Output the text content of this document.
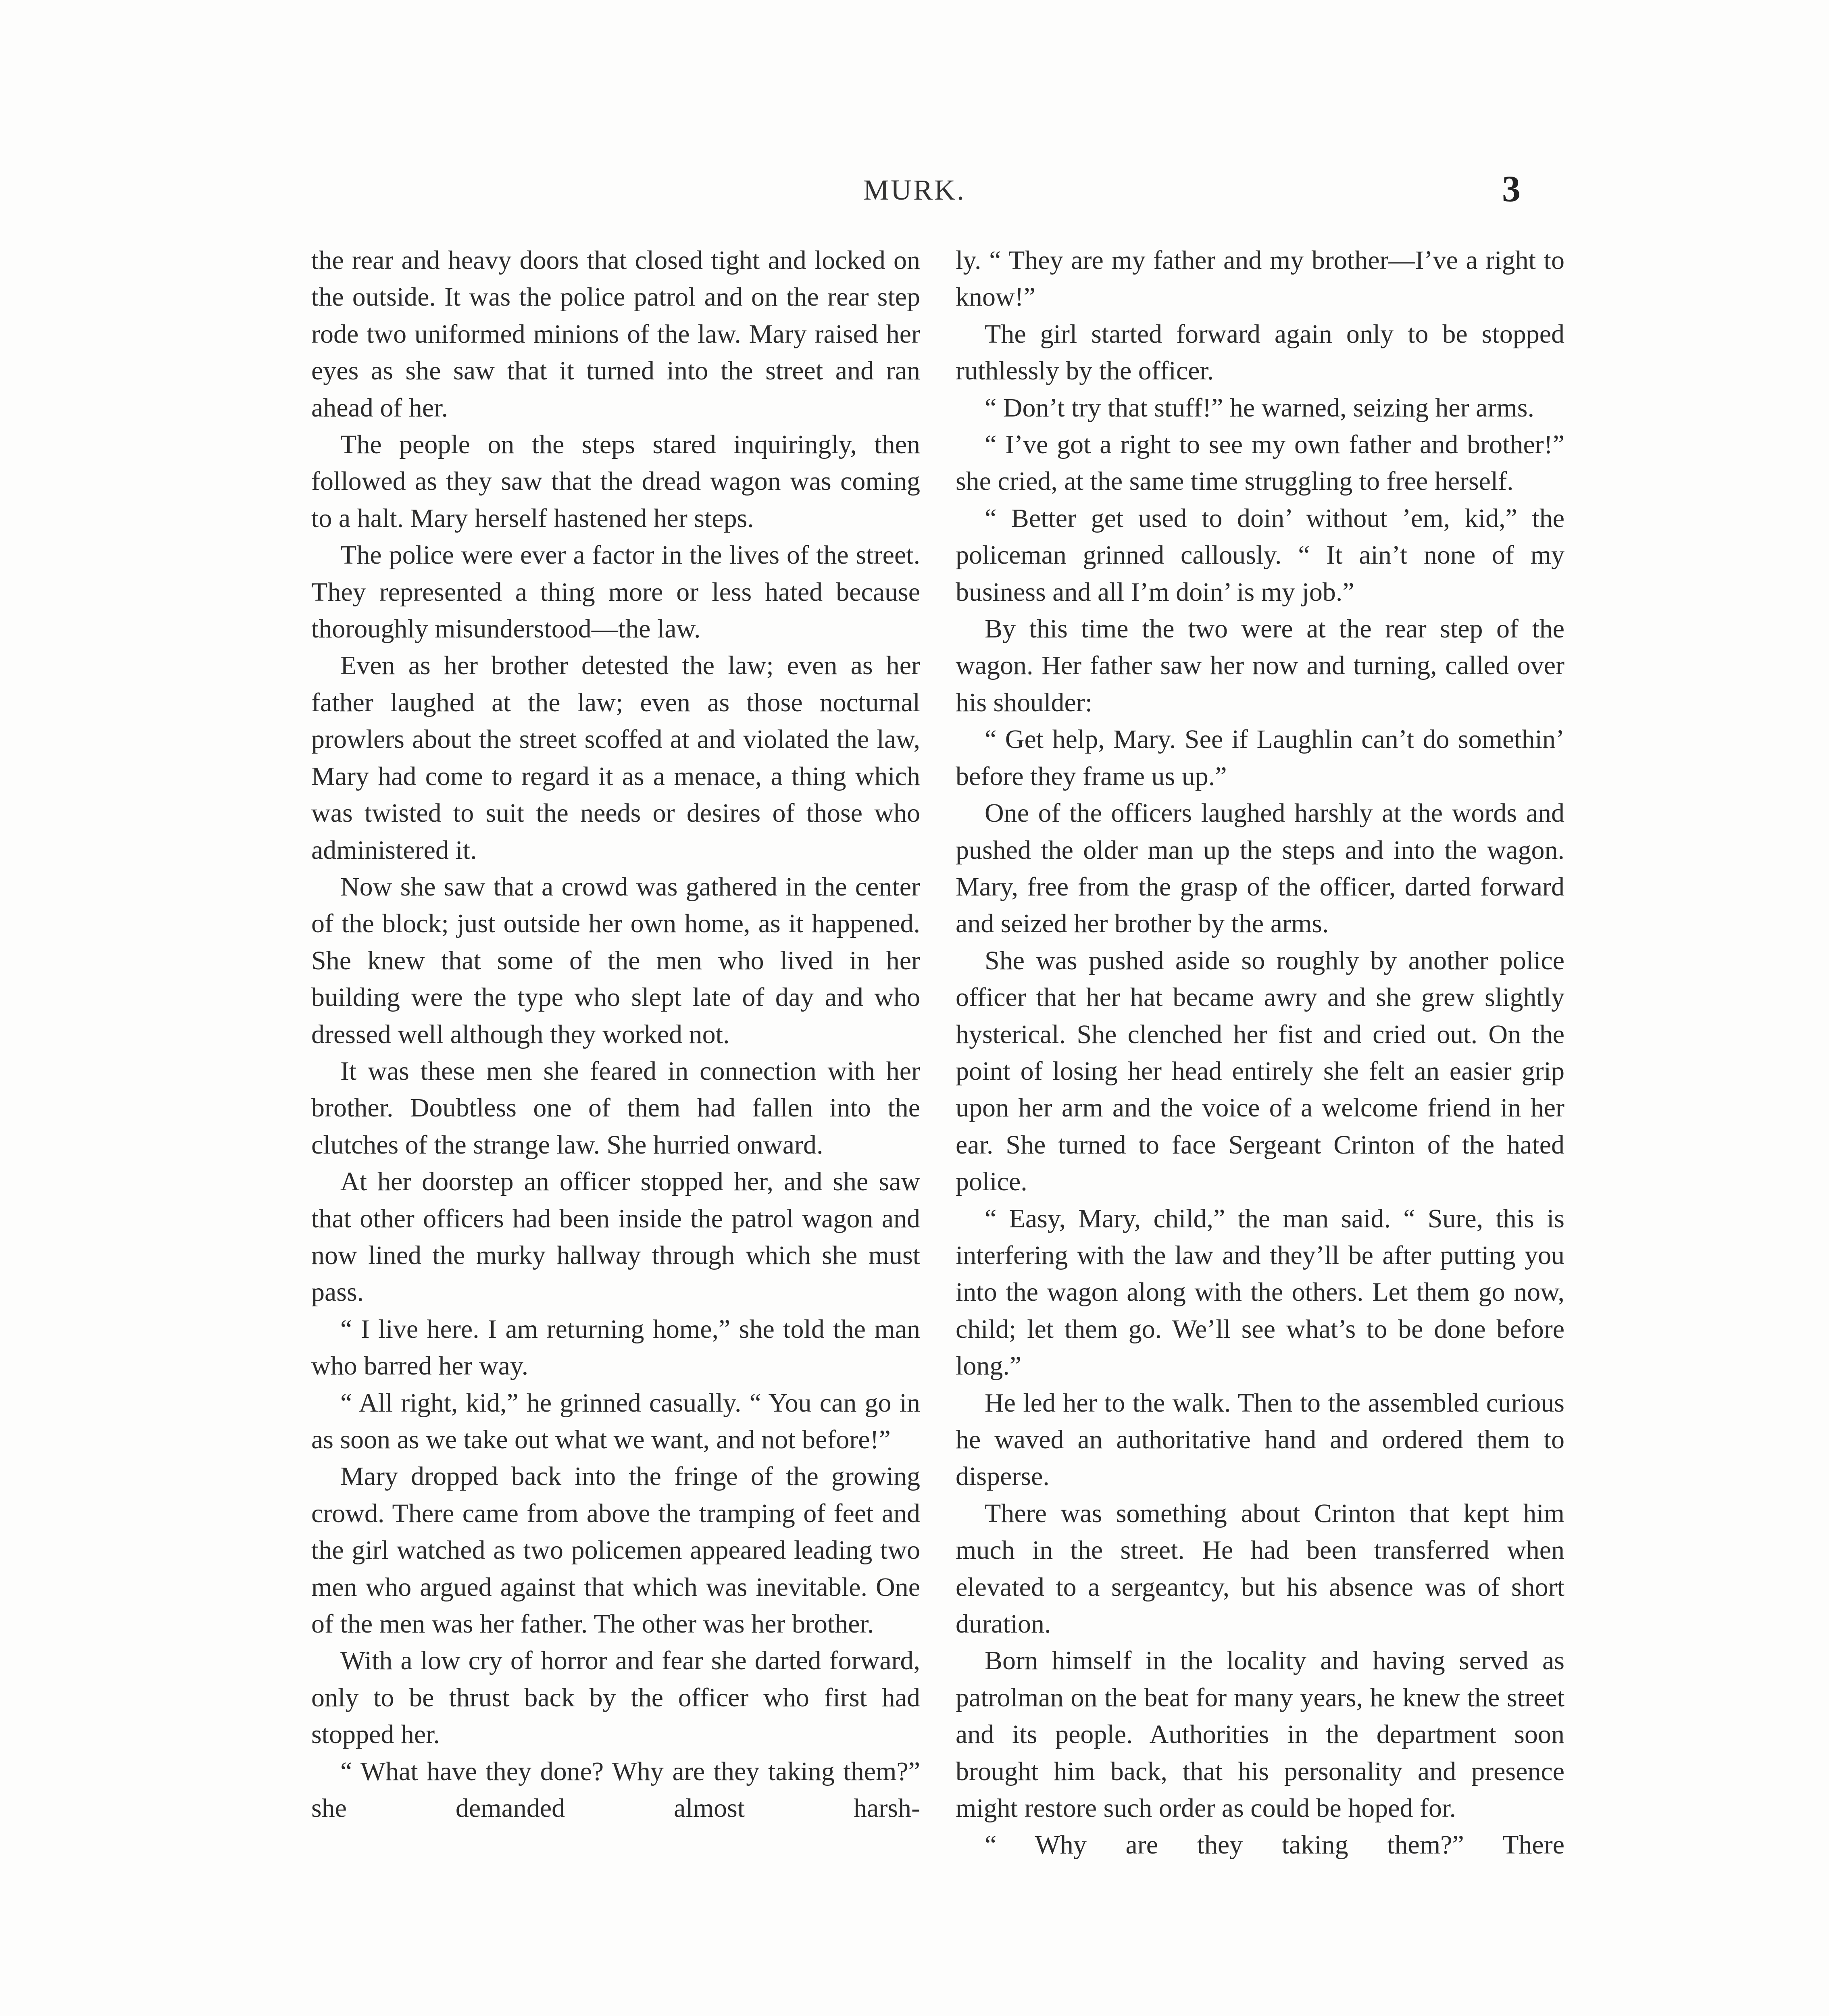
MURK.	3

the rear and heavy doors that closed tight and locked on the outside. It was the police patrol and on the rear step rode two uniformed minions of the law. Mary raised her eyes as she saw that it turned into the street and ran ahead of her.

The people on the steps stared inquiringly, then followed as they saw that the dread wagon was coming to a halt. Mary herself hastened her steps.

The police were ever a factor in the lives of the street. They represented a thing more or less hated because thoroughly misunderstood—the law.

Even as her brother detested the law; even as her father laughed at the law; even as those nocturnal prowlers about the street scoffed at and violated the law, Mary had come to regard it as a menace, a thing which was twisted to suit the needs or desires of those who administered it.

Now she saw that a crowd was gathered in the center of the block; just outside her own home, as it happened. She knew that some of the men who lived in her building were the type who slept late of day and who dressed well although they worked not.

It was these men she feared in connection with her brother. Doubtless one of them had fallen into the clutches of the strange law. She hurried onward.

At her doorstep an officer stopped her, and she saw that other officers had been inside the patrol wagon and now lined the murky hallway through which she must pass.

“ I live here. I am returning home,” she told the man who barred her way.

“ All right, kid,” he grinned casually. “ You can go in as soon as we take out what we want, and not before!”

Mary dropped back into the fringe of the growing crowd. There came from above the tramping of feet and the girl watched as two policemen appeared leading two men who argued against that which was inevitable. One of the men was her father. The other was her brother.

With a low cry of horror and fear she darted forward, only to be thrust back by the officer who first had stopped her.

“ What have they done? Why are they taking them?” she demanded almost harsh-

ly. “ They are my father and my brother—I’ve a right to know!”

The girl started forward again only to be stopped ruthlessly by the officer.

“ Don’t try that stuff!” he warned, seizing her arms.

“ I’ve got a right to see my own father and brother!” she cried, at the same time struggling to free herself.

“ Better get used to doin’ without ’em, kid,” the policeman grinned callously. “ It ain’t none of my business and all I’m doin’ is my job.”

By this time the two were at the rear step of the wagon. Her father saw her now and turning, called over his shoulder:

“ Get help, Mary. See if Laughlin can’t do somethin’ before they frame us up.”

One of the officers laughed harshly at the words and pushed the older man up the steps and into the wagon. Mary, free from the grasp of the officer, darted forward and seized her brother by the arms.

She was pushed aside so roughly by another police officer that her hat became awry and she grew slightly hysterical. She clenched her fist and cried out. On the point of losing her head entirely she felt an easier grip upon her arm and the voice of a welcome friend in her ear. She turned to face Sergeant Crinton of the hated police.

“ Easy, Mary, child,” the man said. “ Sure, this is interfering with the law and they’ll be after putting you into the wagon along with the others. Let them go now, child; let them go. We’ll see what’s to be done before long.”

He led her to the walk. Then to the assembled curious he waved an authoritative hand and ordered them to disperse.

There was something about Crinton that kept him much in the street. He had been transferred when elevated to a sergeantcy, but his absence was of short duration.

Born himself in the locality and having served as patrolman on the beat for many years, he knew the street and its people. Authorities in the department soon brought him back, that his personality and presence might restore such order as could be hoped for.

“ Why are they taking them?” There
